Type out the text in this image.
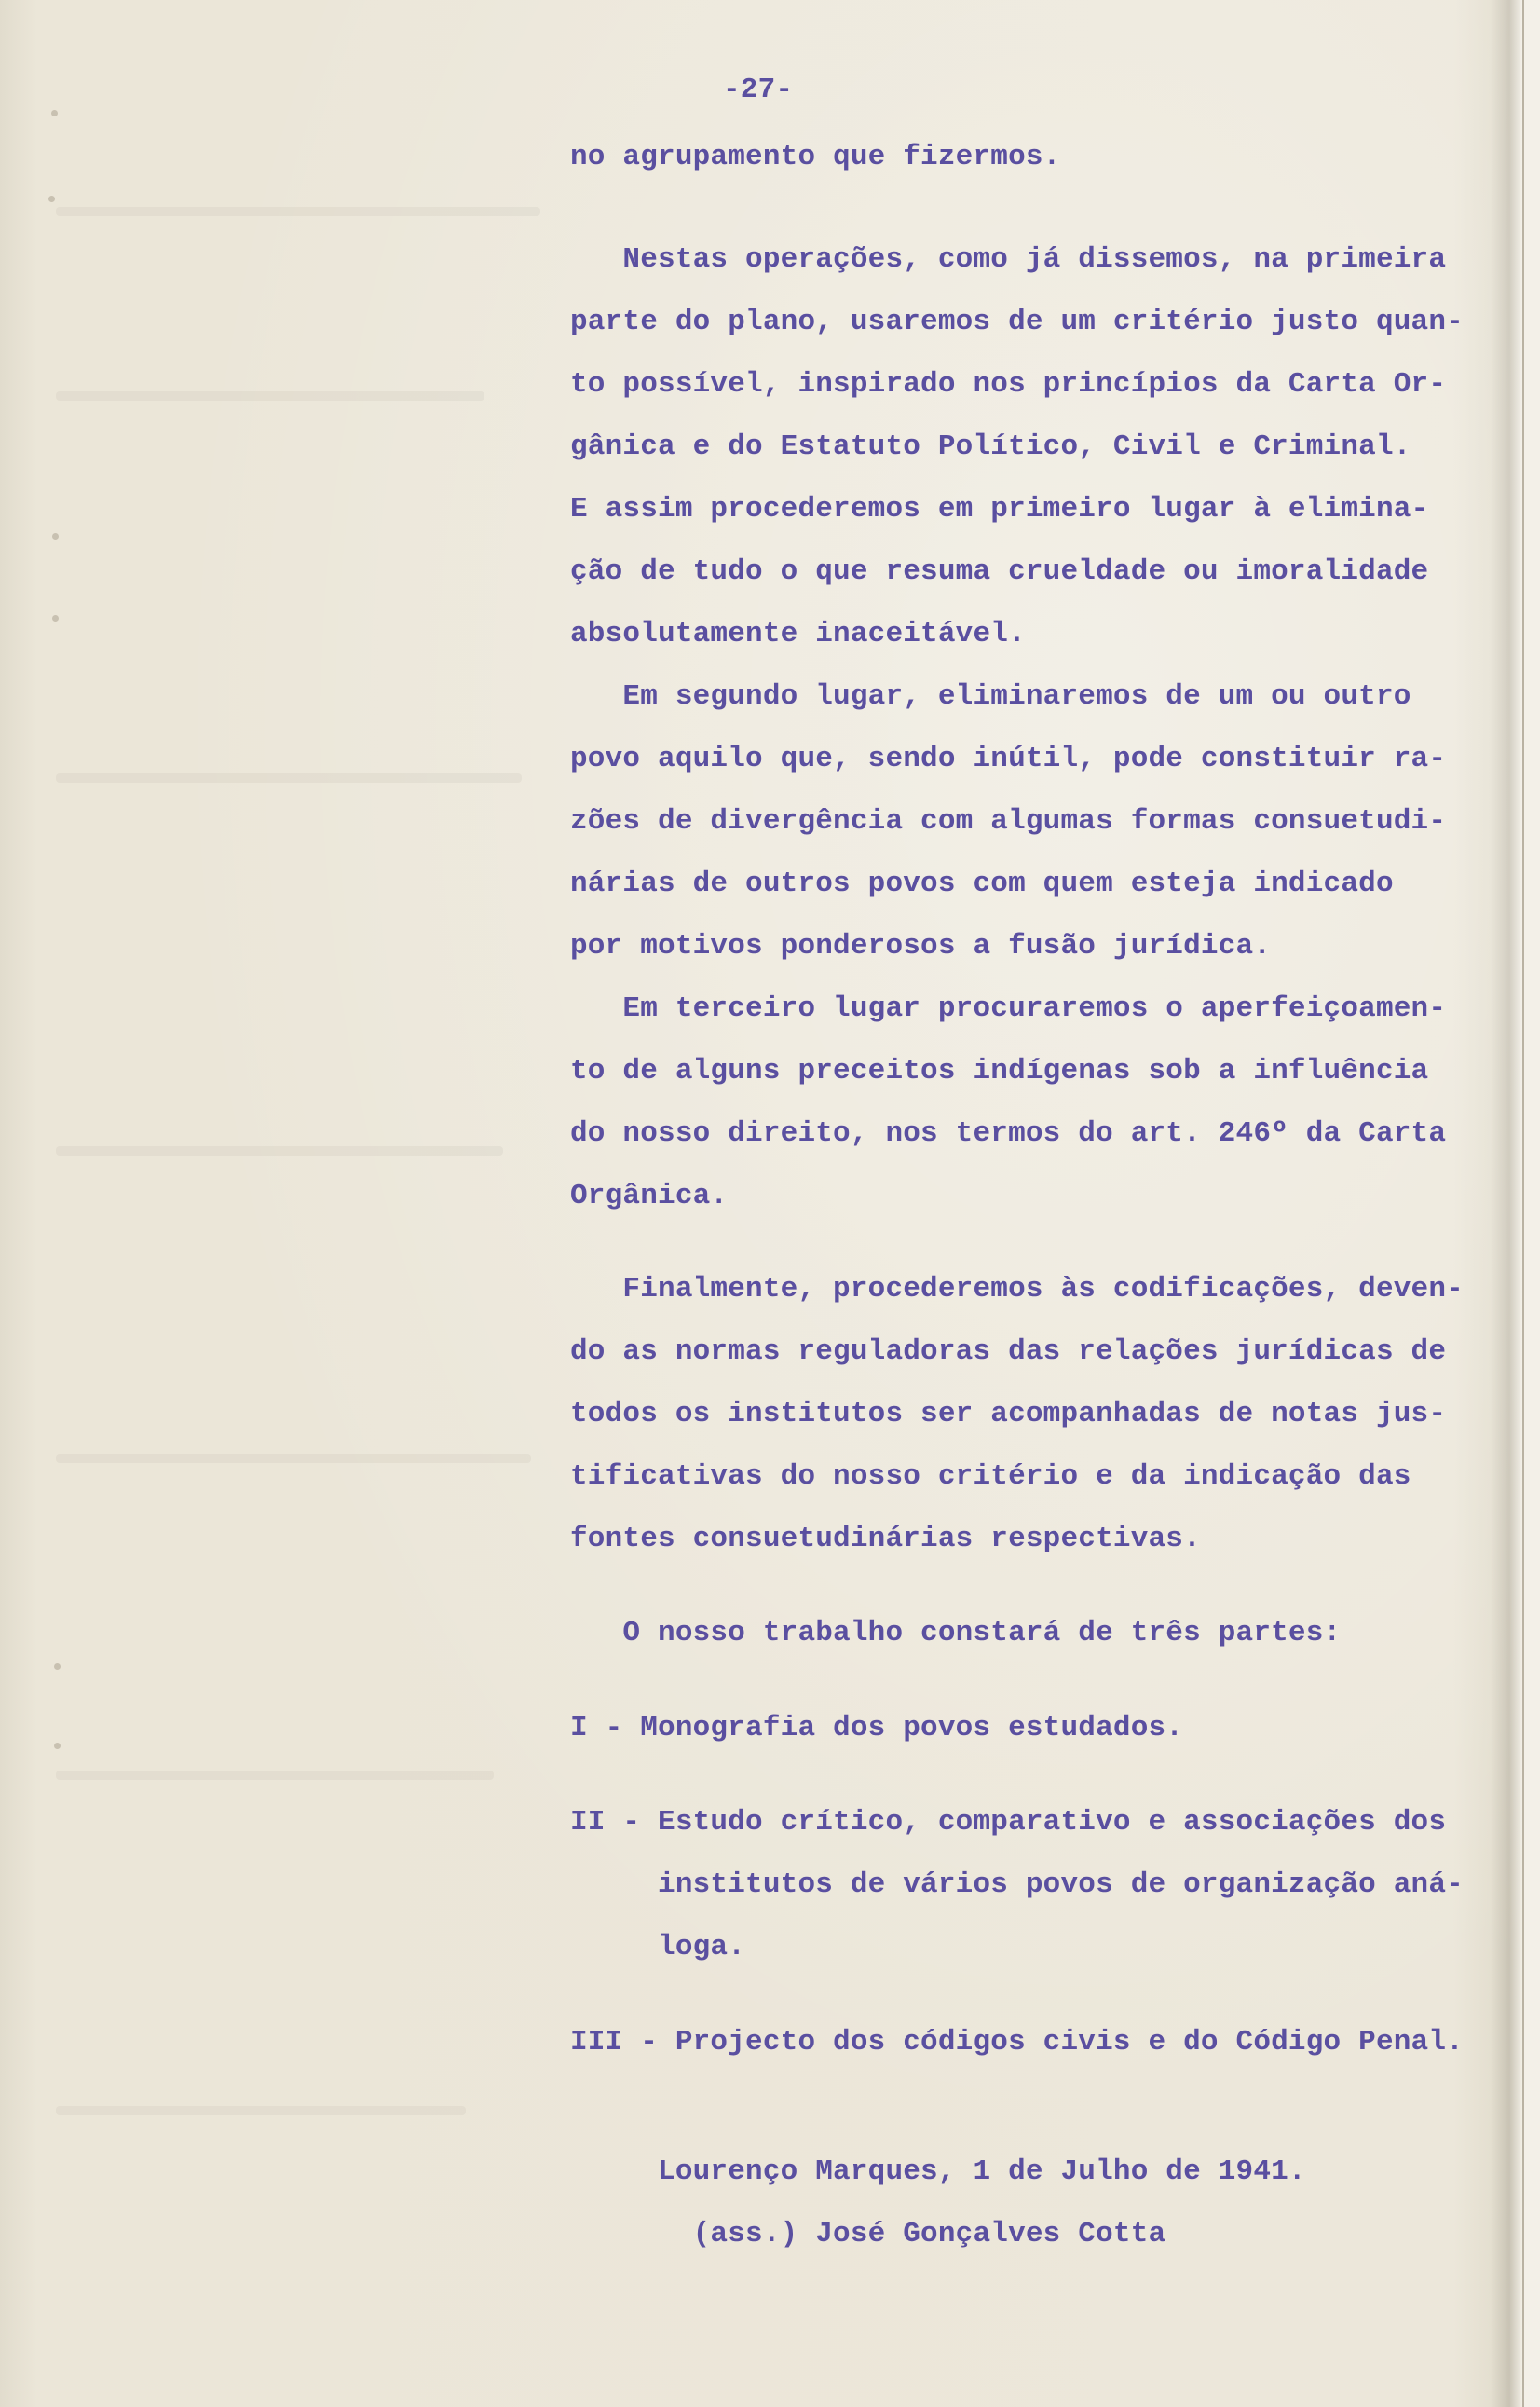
-27-

no agrupamento que fizermos.

Nestas operações, como já dissemos, na primeira

parte do plano, usaremos de um critério justo quan-

to possível, inspirado nos princípios da Carta Or-

gânica e do Estatuto Político, Civil e Criminal.

E assim procederemos em primeiro lugar à elimina-

ção de tudo o que resuma crueldade ou imoralidade

absolutamente inaceitável.

Em segundo lugar, eliminaremos de um ou outro

povo aquilo que, sendo inútil, pode constituir ra-

zões de divergência com algumas formas consuetudi-

nárias de outros povos com quem esteja indicado

por motivos ponderosos a fusão jurídica.

Em terceiro lugar procuraremos o aperfeiçoamen-

to de alguns preceitos indígenas sob a influência

do nosso direito, nos termos do art. 246º da Carta

Orgânica.

Finalmente, procederemos às codificações, deven-

do as normas reguladoras das relações jurídicas de

todos os institutos ser acompanhadas de notas jus-

tificativas do nosso critério e da indicação das

fontes consuetudinárias respectivas.

O nosso trabalho constará de três partes:

I - Monografia dos povos estudados.

II - Estudo crítico, comparativo e associações dos

institutos de vários povos de organização aná-

loga.

III - Projecto dos códigos civis e do Código Penal.

Lourenço Marques, 1 de Julho de 1941.

(ass.) José Gonçalves Cotta
